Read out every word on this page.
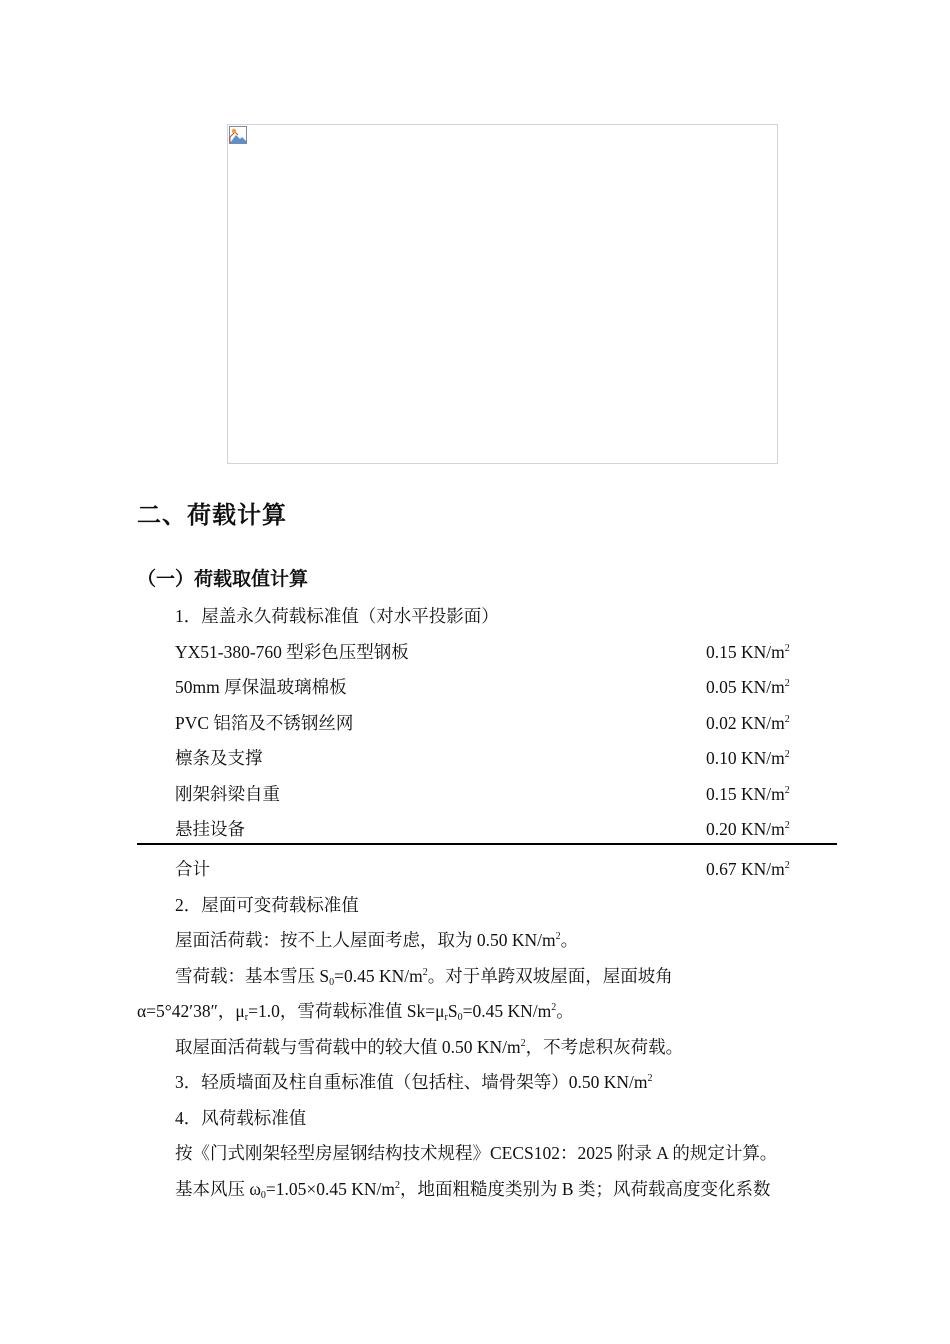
二、荷载计算
（一）荷载取值计算
1．屋盖永久荷载标准值（对水平投影面）
YX51-380-760 型彩色压型钢板	0.15 $KN/m^2$
50mm 厚保温玻璃棉板	0.05 $KN/m^2$
PVC 铝箔及不锈钢丝网	0.02 $KN/m^2$
檩条及支撑	0.10 $KN/m^2$
刚架斜梁自重	0.15 $KN/m^2$
悬挂设备	0.20 $KN/m^2$
合计	0.67 $KN/m^2$
2．屋面可变荷载标准值
屋面活荷载：按不上人屋面考虑，取为 0.50 $KN/m^2$。
雪荷载：基本雪压 $S_0=0.45$ $KN/m^2$。对于单跨双坡屋面，屋面坡角
α=5°42′38″，$\mu_r=1.0$，雪荷载标准值 $Sk=\mu_rS_0=0.45$ $KN/m^2$。
取屋面活荷载与雪荷载中的较大值 0.50 $KN/m^2$，不考虑积灰荷载。
3．轻质墙面及柱自重标准值（包括柱、墙骨架等）0.50 $KN/m^2$
4．风荷载标准值
按《门式刚架轻型房屋钢结构技术规程》CECS102：2025 附录 A 的规定计算。
基本风压 $\omega_0=1.05\times 0.45$ $KN/m^2$，地面粗糙度类别为 B 类；风荷载高度变化系数
